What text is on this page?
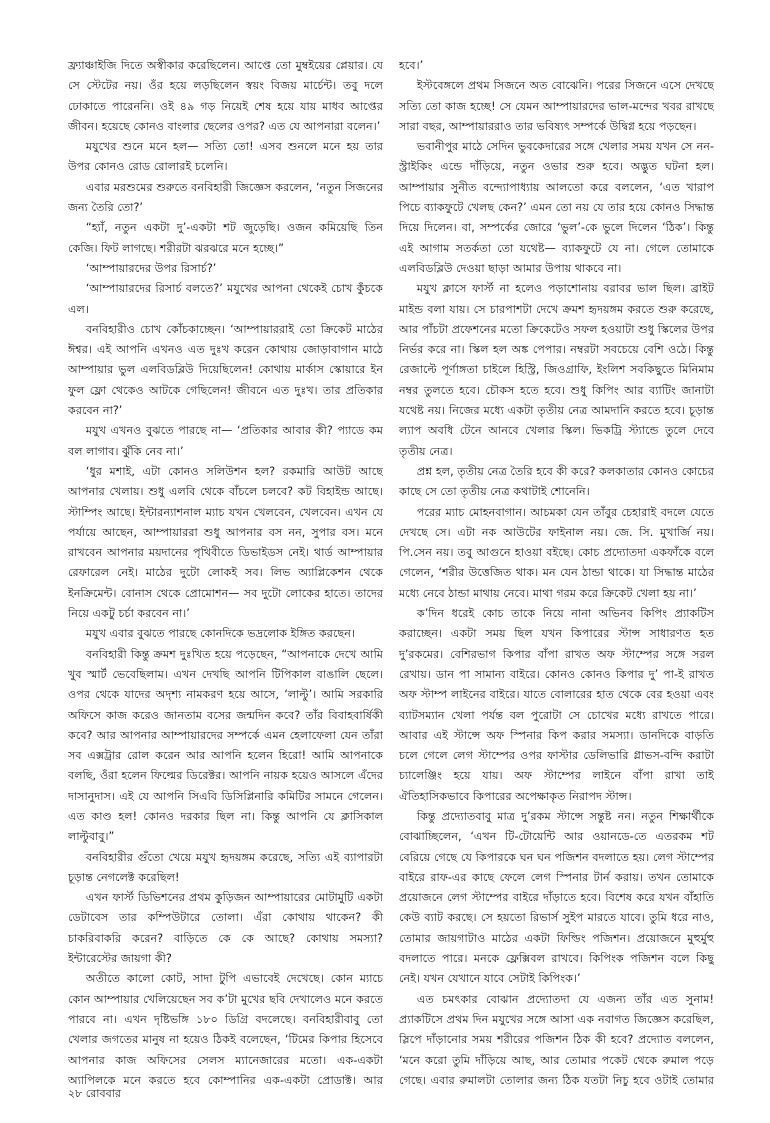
ফ্র্যাঞ্চাইজি দিতে অস্বীকার করেছিলেন। আপ্তে তো মুম্বইয়ের প্লেয়ার। যে সে স্টেটের নয়। ওঁর হয়ে লড়ছিলেন স্বয়ং বিজয় মার্চেন্ট। তবু দলে ঢোকাতে পারেননি। ওই ৪৯ গড় নিয়েই শেষ হয়ে যায় মাধব আপ্তের জীবন। হয়েছে কোনও বাংলার ছেলের ওপর? এত যে আপনারা বলেন।’

মযুখের শুনে মনে হল— সত্যি তো! এসব শুনলে মনে হয় তার উপর কোনও রোড রোলারই চলেনি।

এবার মরশুমের শুরুতে বনবিহারী জিজ্ঞেস করলেন, ‘নতুন সিজনের জন্য তৈরি তো?’

“হ্যাঁ, নতুন একটা দু’-একটা শট জুড়েছি। ওজন কমিয়েছি তিন কেজি। ফিট লাগছে। শরীরটা ঝরঝরে মনে হচ্ছে।”

‘আম্পায়ারদের উপর রিসার্চ?’

‘আম্পায়ারদের রিসার্চ বলতে?’ মযুখের আপনা থেকেই চোখ কুঁচকে এল।

বনবিহারীও চোখ কোঁচকাচ্ছেন। ‘আম্পায়াররাই তো ক্রিকেট মাঠের ঈশ্বর। এই আপনি এখনও এত দুঃখ করেন কোথায় জোড়াবাগান মাঠে আম্পায়ার ভুল এলবিডব্লিউ দিয়েছিলেন! কোথায় মার্কাস স্কোয়ারে ইন ফুল ফ্লো থেকেও আটকে গেছিলেন! জীবনে এত দুঃখ। তার প্রতিকার করবেন না?’

মযুখ এখনও বুঝতে পারছে না— ‘প্রতিকার আবার কী? প্যাডে কম বল লাগাব। ঝুঁকি নেব না।’

‘ধুর মশাই, এটা কোনও সলিউশন হল? রকমারি আউট আছে আপনার খেলায়। শুধু এলবি থেকে বাঁচলে চলবে? কট বিহাইন্ড আছে। স্টাম্পিং আছে। ইন্টারন্যাশনাল ম্যাচ যখন খেলবেন, খেলবেন। এখন যে পর্যায়ে আছেন, আম্পায়াররা শুধু আপনার বস নন, সুপার বস। মনে রাখবেন আপনার ময়দানের পৃথিবীতে ডিভাইডস নেই। থার্ড আম্পায়ার রেফারেল নেই। মাঠের দুটো লোকই সব। লিভ অ্যাপ্লিকেশন থেকে ইনক্রিমেন্ট। বোনাস থেকে প্রোমোশন— সব দুটো লোকের হাতে। তাদের নিয়ে একটু চর্চা করবেন না।’

মযুখ এবার বুঝতে পারছে কোনদিকে ভদ্রলোক ইঙ্গিত করছেন।

বনবিহারী কিন্তু ক্রমশ দুঃখিত হয়ে পড়েছেন, “আপনাকে দেখে আমি খুব স্মার্ট ভেবেছিলাম। এখন দেখছি আপনি টিপিকাল বাঙালি ছেলে। ওপর থেকে যাদের অদৃশ্য নামকরণ হয়ে আসে, ‘লাল্টু’। আমি সরকারি অফিসে কাজ করেও জানতাম বসের জন্মদিন কবে? তাঁর বিবাহবার্ষিকী কবে? আর আপনার আম্পায়ারদের সম্পর্কে এমন হেলাফেলা যেন তাঁরা সব এক্সট্রার রোল করেন আর আপনি হলেন হিরো! আমি আপনাকে বলছি, ওঁরা হলেন ফিল্মের ডিরেক্টর। আপনি নায়ক হয়েও আসলে এঁদের দাসানুদাস। এই যে আপনি সিএবি ডিসিপ্লিনারি কমিটির সামনে গেলেন। এত কাণ্ড হল! কোনও দরকার ছিল না। কিন্তু আপনি যে ক্লাসিকাল লাল্টুবাবু।”

বনবিহারীর গুঁতো খেয়ে মযুখ হৃদয়ঙ্গম করেছে, সত্যি এই ব্যাপারটা চূড়ান্ত নেগলেক্ট করেছিল!

এখন ফার্স্ট ডিভিশনের প্রথম কুড়িজন আম্পায়ারের মোটামুটি একটা ডেটাবেস তার কম্পিউটারে তোলা। এঁরা কোথায় থাকেন? কী চাকরিবাকরি করেন? বাড়িতে কে কে আছে? কোথায় সমস্যা? ইন্টারেস্টের জায়গা কী?

অতীতে কালো কোট, সাদা টুপি এভাবেই দেখেছে। কোন ম্যাচে কোন আম্পায়ার খেলিয়েছেন সব ক’টা মুখের ছবি দেখালেও মনে করতে পারবে না। এখন দৃষ্টিভঙ্গি ১৮০ ডিগ্রি বদলেছে। বনবিহারীবাবু তো খেলার জগতের মানুষ না হয়েও ঠিকই বলেছেন, ‘টিমের কিপার হিসেবে আপনার কাজ অফিসের সেলস ম্যানেজারের মতো। এক-একটা অ্যাপিলকে মনে করতে হবে কোম্পানির এক-একটা প্রোডাক্ট। আর

হবে।’

ইস্টবেঙ্গলে প্রথম সিজনে অত বোঝেনি। পরের সিজনে এসে দেখছে সত্যি তো কাজ হচ্ছে! সে যেমন আম্পায়ারদের ভাল-মন্দের খবর রাখছে সারা বছর, আম্পায়াররাও তার ভবিষ্যৎ সম্পর্কে উদ্বিগ্ন হয়ে পড়ছেন।

ভবানীপুর মাঠে সেদিন ভুবকেদারের সঙ্গে খেলার সময় যখন সে নন-স্ট্রাইকিং এন্ডে দাঁড়িয়ে, নতুন ওভার শুরু হবে। অদ্ভুত ঘটনা হল। আম্পায়ার সুনীত বন্দ্যোপাধ্যায় আলতো করে বললেন, ‘এত খারাপ পিচে ব্যাকফুটে খেলছ কেন?’ এমন তো নয় যে তার হয়ে কোনও সিদ্ধান্ত দিয়ে দিলেন। বা, সম্পর্কের জোরে ‘ভুল’-কে ভুলে দিলেন ‘ঠিক’। কিন্তু এই আগাম সতর্কতা তো যথেষ্ট— ব্যাকফুটে যে না। গেলে তোমাকে এলবিডব্লিউ দেওয়া ছাড়া আমার উপায় থাকবে না।

মযুখ ক্লাসে ফার্স্ট না হলেও পড়াশোনায় বরাবর ভাল ছিল। ব্রাইট মাইন্ড বলা যায়। সে চারপাশটা দেখে ক্রমশ হৃদয়ঙ্গম করতে শুরু করেছে, আর পাঁচটা প্রফেশনের মতো ক্রিকেটেও সফল হওয়াটা শুধু স্কিলের উপর নির্ভর করে না। স্কিল হল অঙ্ক পেপার। নম্বরটা সবচেয়ে বেশি ওঠে। কিন্তু রেজাল্টে পূর্ণাঙ্গতা চাইলে হিস্ট্রি, জিওগ্রাফি, ইংলিশ সবকিছুতে মিনিমাম নম্বর তুলতে হবে। চৌকস হতে হবে। শুধু কিপিং আর ব্যাটিং জানাটা যথেষ্ট নয়। নিজের মধ্যে একটা তৃতীয় নেত্র আমদানি করতে হবে। চূড়ান্ত ল্যাপ অবধি টেনে আনবে খেলার স্কিল। ভিকট্রি স্ট্যান্ডে তুলে দেবে তৃতীয় নেত্র।

প্রশ্ন হল, তৃতীয় নেত্র তৈরি হবে কী করে? কলকাতার কোনও কোচের কাছে সে তো তৃতীয় নেত্র কথাটাই শোনেনি।

পরের ম্যাচ মোহনবাগান। আচমকা যেন তাঁবুর চেহারাই বদলে যেতে দেখছে সে। এটা নক আউটের ফাইনাল নয়। জে. সি. মুখার্জি নয়। পি.সেন নয়। তবু আগুনে হাওয়া বইছে। কোচ প্রদ্যোতদা একফাঁকে বলে গেলেন, ‘শরীর উত্তেজিত থাক। মন যেন ঠান্ডা থাকে। যা সিদ্ধান্ত মাঠের মধ্যে নেবে ঠান্ডা মাথায় নেবে। মাথা গরম করে ক্রিকেট খেলা হয় না।’

ক’দিন ধরেই কোচ তাকে নিয়ে নানা অভিনব কিপিং প্র্যাকটিস করাচ্ছেন। একটা সময় ছিল যখন কিপারের স্টান্স সাধারণত হত দু’রকমের। বেশিরভাগ কিপার বাঁপা রাখত অফ স্টাম্পের সঙ্গে সরল রেখায়। ডান পা সামান্য বাইরে। কোনও কোনও কিপার দু’ পা-ই রাখত অফ স্টাম্প লাইনের বাইরে। যাতে বোলারের হাত থেকে বের হওয়া এবং ব্যাটসম্যান খেলা পর্যন্ত বল পুরোটা সে চোখের মধ্যে রাখতে পারে। আবার এই স্টান্সে অফ স্পিনার কিপ করার সমস্যা। ডানদিকে বাড়তি চলে গেলে লেগ স্টাম্পের ওপর ফাস্টার ডেলিভারি গ্লাভস-বন্দি করাটা চ্যালেঞ্জিং হয়ে যায়। অফ স্টাম্পের লাইনে বাঁপা রাখা তাই ঐতিহাসিকভাবে কিপারের অপেক্ষাকৃত নিরাপদ স্টান্স।

কিন্তু প্রদ্যোতবাবু মাত্র দু’রকম স্টান্সে সন্তুষ্ট নন। নতুন শিক্ষার্থীকে বোঝাচ্ছিলেন, ‘এখন টি-টোয়েন্টি আর ওয়ানডে-তে এতরকম শট বেরিয়ে গেছে যে কিপারকে ঘন ঘন পজিশন বদলাতে হয়। লেগ স্টাম্পের বাইরে রাফ-এর কাছে ফেলে লেগ স্পিনার টার্ন করায়। তখন তোমাকে প্রয়োজনে লেগ স্টাম্পের বাইরে দাঁড়াতে হবে। বিশেষ করে যখন বাঁহাতি কেউ ব্যাট করছে। সে হয়তো রিভার্স সুইপ মারতে যাবে। তুমি ধরে নাও, তোমার জায়গাটাও মাঠের একটা ফিল্ডিং পজিশন। প্রয়োজনে মুহুর্মুহু বদলাতে পারে। মনকে ফ্লেক্সিবল রাখবে। কিপিংক পজিশন বলে কিছু নেই। যখন যেখানে যাবে সেটাই কিপিংক।’

এত চমৎকার বোঝান প্রদ্যোতদা যে এজন্য তাঁর এত সুনাম! প্র্যাকটিসে প্রথম দিন মযুখের সঙ্গে আসা এক নবাগত জিজ্ঞেস করেছিল, স্লিপে দাঁড়ানোর সময় শরীরের পজিশন ঠিক কী হবে? প্রদ্যোত বললেন, ‘মনে করো তুমি দাঁড়িয়ে আছ, আর তোমার পকেট থেকে রুমাল পড়ে গেছে। এবার রুমালটা তোলার জন্য ঠিক যতটা নিচু হবে ওটাই তোমার

২৮ রোববার
